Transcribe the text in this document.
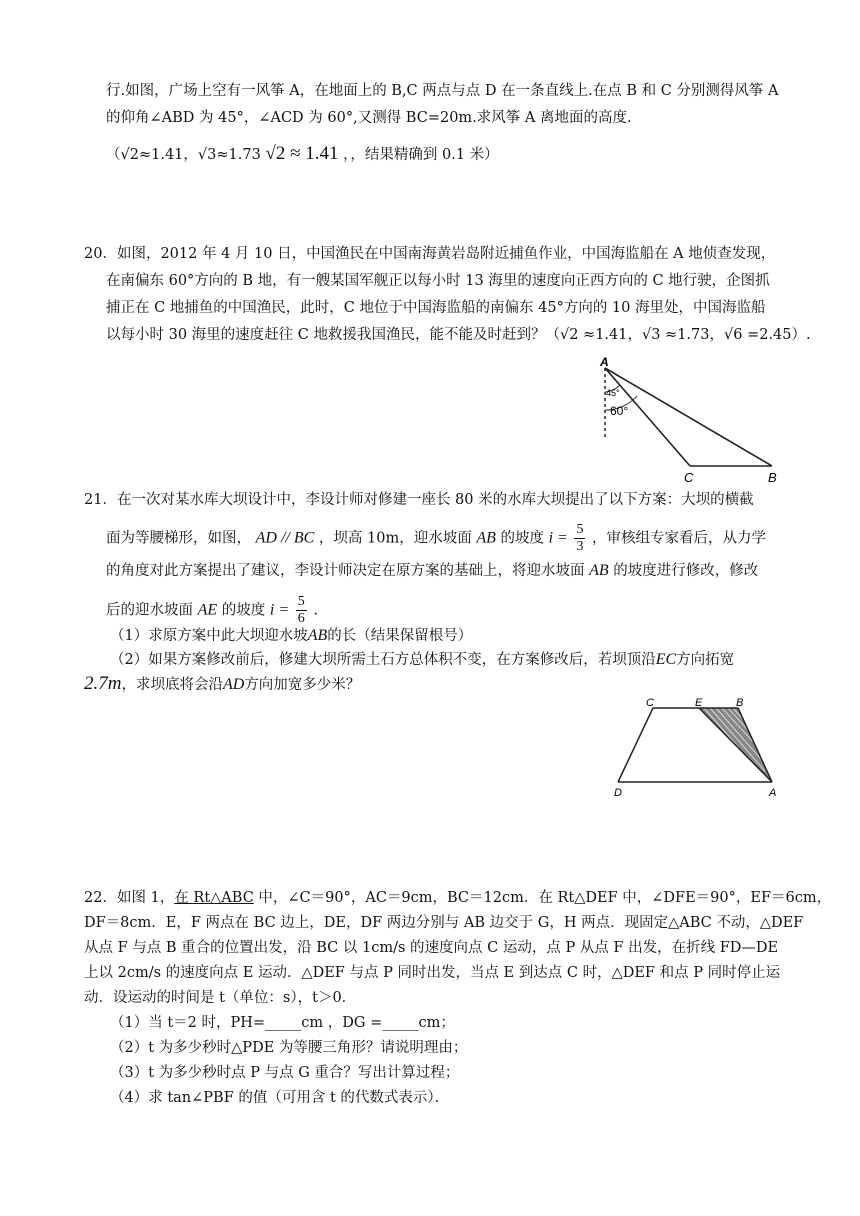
行.如图，广场上空有一风筝 A，在地面上的 B,C 两点与点 D 在一条直线上.在点 B 和 C 分别测得风筝 A
的仰角∠ABD 为 45°，∠ACD 为 60°,又测得 BC=20m.求风筝 A 离地面的高度.
（√2≈1.41，√3≈1.73 √2 ≈ 1.41 ，，结果精确到 0.1 米）
20．如图，2012 年 4 月 10 日，中国渔民在中国南海黄岩岛附近捕鱼作业，中国海监船在 A 地侦查发现，
在南偏东 60°方向的 B 地，有一艘某国军舰正以每小时 13 海里的速度向正西方向的 C 地行驶，企图抓
捕正在 C 地捕鱼的中国渔民，此时，C 地位于中国海监船的南偏东 45°方向的 10 海里处，中国海监船
以每小时 30 海里的速度赶往 C 地救援我国渔民，能不能及时赶到？（√2 ≈1.41，√3 ≈1.73，√6 =2.45）.
A
45°
60°
C	B
21．在一次对某水库大坝设计中，李设计师对修建一座长 80 米的水库大坝提出了以下方案：大坝的横截
面为等腰梯形，如图， AD // BC ，坝高 10m，迎水坡面 AB 的坡度 $i = \frac{5}{3}$ ，审核组专家看后，从力学
的角度对此方案提出了建议，李设计师决定在原方案的基础上，将迎水坡面 AB 的坡度进行修改，修改
后的迎水坡面 AE 的坡度 $i = \frac{5}{6}$ .
（1）求原方案中此大坝迎水坡AB的长（结果保留根号）
（2）如果方案修改前后，修建大坝所需土石方总体积不变，在方案修改后，若坝顶沿EC方向拓宽
2.7m，求坝底将会沿AD方向加宽多少米？
C	E	B
D	A
22．如图 1，在 Rt△ABC 中，∠C＝90°，AC＝9cm，BC＝12cm．在 Rt△DEF 中，∠DFE＝90°，EF＝6cm，
DF＝8cm．E，F 两点在 BC 边上，DE，DF 两边分别与 AB 边交于 G，H 两点．现固定△ABC 不动，△DEF
从点 F 与点 B 重合的位置出发，沿 BC 以 1cm/s 的速度向点 C 运动，点 P 从点 F 出发，在折线 FD—DE
上以 2cm/s 的速度向点 E 运动．△DEF 与点 P 同时出发，当点 E 到达点 C 时，△DEF 和点 P 同时停止运
动．设运动的时间是 t（单位：s），t＞0．
（1）当 t＝2 时，PH=_____cm ，DG =_____cm；
（2）t 为多少秒时△PDE 为等腰三角形？请说明理由；
（3）t 为多少秒时点 P 与点 G 重合？写出计算过程；
（4）求 tan∠PBF 的值（可用含 t 的代数式表示）．
